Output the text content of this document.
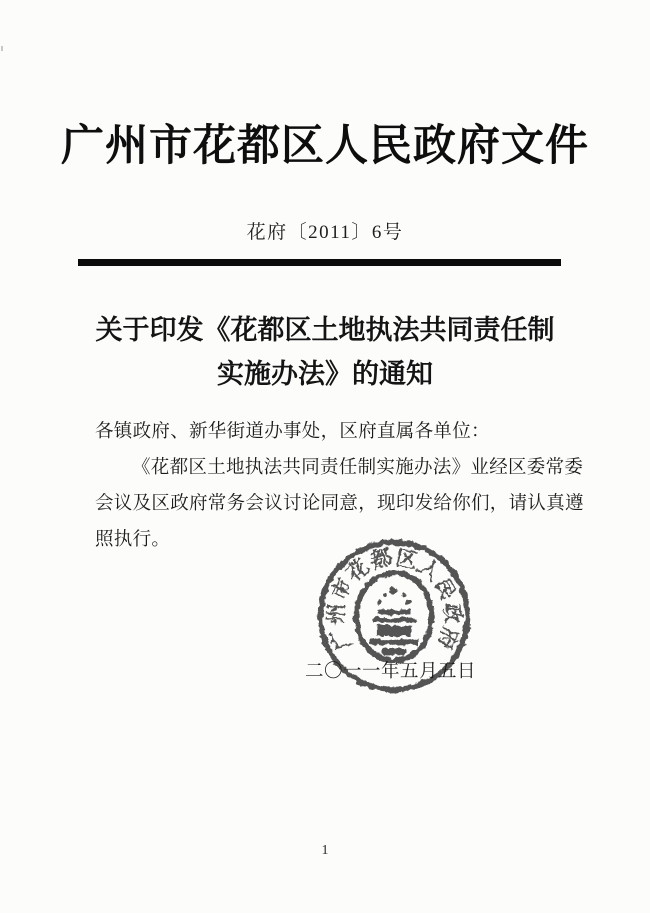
广州市花都区人民政府文件
花府〔2011〕6号
关于印发《花都区土地执法共同责任制
实施办法》的通知
各镇政府、新华街道办事处，区府直属各单位：
《花都区土地执法共同责任制实施办法》业经区委常委
会议及区政府常务会议讨论同意，现印发给你们，请认真遵
照执行。
广州市花都区人民政府
二〇一一年五月五日
1
